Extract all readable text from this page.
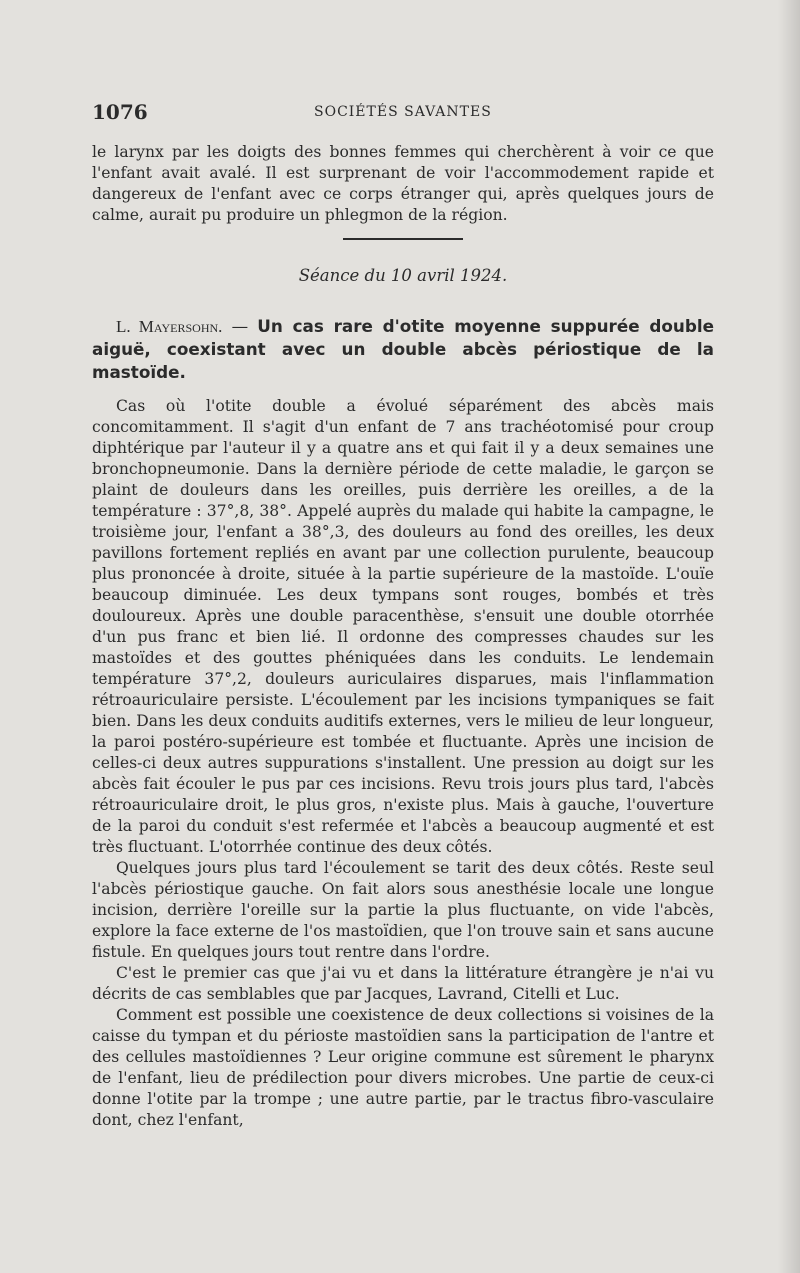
1076	SOCIÉTÉS SAVANTES

le larynx par les doigts des bonnes femmes qui cherchèrent à voir ce que l'enfant avait avalé. Il est surprenant de voir l'accommodement rapide et dangereux de l'enfant avec ce corps étranger qui, après quelques jours de calme, aurait pu produire un phlegmon de la région.

Séance du 10 avril 1924.
L. Mayersohn. — Un cas rare d'otite moyenne suppurée double aiguë, coexistant avec un double abcès périostique de la mastoïde.

Cas où l'otite double a évolué séparément des abcès mais concomitamment. Il s'agit d'un enfant de 7 ans trachéotomisé pour croup diphtérique par l'auteur il y a quatre ans et qui fait il y a deux semaines une bronchopneumonie. Dans la dernière période de cette maladie, le garçon se plaint de douleurs dans les oreilles, puis derrière les oreilles, a de la température : 37°,8, 38°. Appelé auprès du malade qui habite la campagne, le troisième jour, l'enfant a 38°,3, des douleurs au fond des oreilles, les deux pavillons fortement repliés en avant par une collection purulente, beaucoup plus prononcée à droite, située à la partie supérieure de la mastoïde. L'ouïe beaucoup diminuée. Les deux tympans sont rouges, bombés et très douloureux. Après une double paracenthèse, s'ensuit une double otorrhée d'un pus franc et bien lié. Il ordonne des compresses chaudes sur les mastoïdes et des gouttes phéniquées dans les conduits. Le lendemain température 37°,2, douleurs auriculaires disparues, mais l'inflammation rétroauriculaire persiste. L'écoulement par les incisions tympaniques se fait bien. Dans les deux conduits auditifs externes, vers le milieu de leur longueur, la paroi postéro-supérieure est tombée et fluctuante. Après une incision de celles-ci deux autres suppurations s'installent. Une pression au doigt sur les abcès fait écouler le pus par ces incisions. Revu trois jours plus tard, l'abcès rétroauriculaire droit, le plus gros, n'existe plus. Mais à gauche, l'ouverture de la paroi du conduit s'est refermée et l'abcès a beaucoup augmenté et est très fluctuant. L'otorrhée continue des deux côtés.

Quelques jours plus tard l'écoulement se tarit des deux côtés. Reste seul l'abcès périostique gauche. On fait alors sous anesthésie locale une longue incision, derrière l'oreille sur la partie la plus fluctuante, on vide l'abcès, explore la face externe de l'os mastoïdien, que l'on trouve sain et sans aucune fistule. En quelques jours tout rentre dans l'ordre.

C'est le premier cas que j'ai vu et dans la littérature étrangère je n'ai vu décrits de cas semblables que par Jacques, Lavrand, Citelli et Luc.

Comment est possible une coexistence de deux collections si voisines de la caisse du tympan et du périoste mastoïdien sans la participation de l'antre et des cellules mastoïdiennes ? Leur origine commune est sûrement le pharynx de l'enfant, lieu de prédilection pour divers microbes. Une partie de ceux-ci donne l'otite par la trompe ; une autre partie, par le tractus fibro-vasculaire dont, chez l'enfant,
